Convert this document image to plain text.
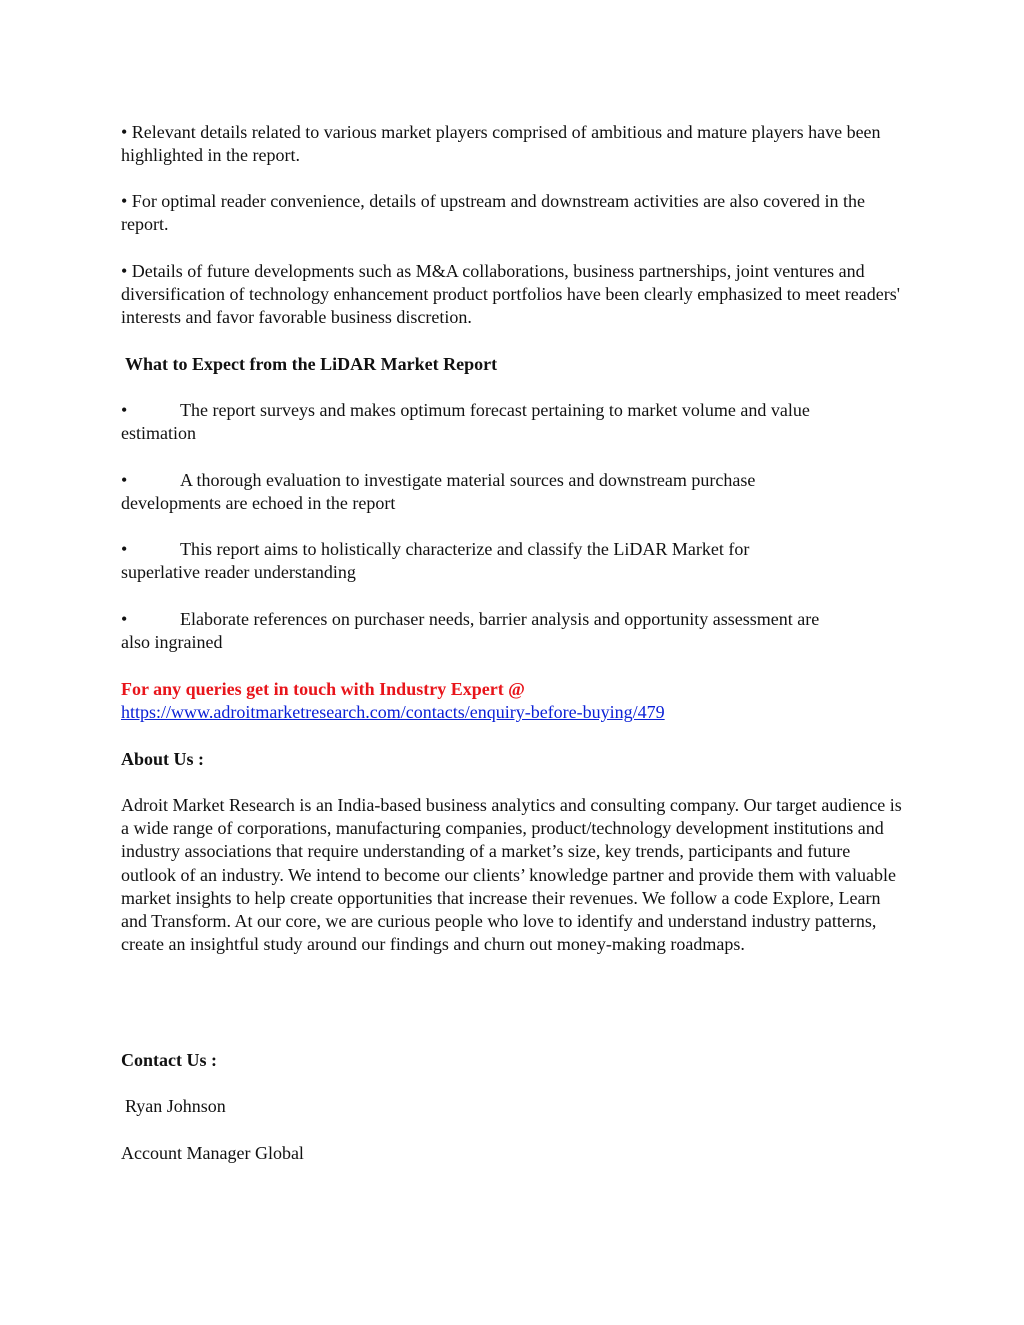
• Relevant details related to various market players comprised of ambitious and mature players have been highlighted in the report.

• For optimal reader convenience, details of upstream and downstream activities are also covered in the report.

• Details of future developments such as M&A collaborations, business partnerships, joint ventures and diversification of technology enhancement product portfolios have been clearly emphasized to meet readers' interests and favor favorable business discretion.

What to Expect from the LiDAR Market Report

•	The report surveys and makes optimum forecast pertaining to market volume and value
estimation
•	A thorough evaluation to investigate material sources and downstream purchase
developments are echoed in the report
•	This report aims to holistically characterize and classify the LiDAR Market for
superlative reader understanding
•	Elaborate references on purchaser needs, barrier analysis and opportunity assessment are
also ingrained
For any queries get in touch with Industry Expert @
https://www.adroitmarketresearch.com/contacts/enquiry-before-buying/479

About Us :

Adroit Market Research is an India-based business analytics and consulting company. Our target audience is a wide range of corporations, manufacturing companies, product/technology development institutions and industry associations that require understanding of a market’s size, key trends, participants and future outlook of an industry. We intend to become our clients’ knowledge partner and provide them with valuable market insights to help create opportunities that increase their revenues. We follow a code Explore, Learn and Transform. At our core, we are curious people who love to identify and understand industry patterns, create an insightful study around our findings and churn out money-making roadmaps.

Contact Us :

Ryan Johnson

Account Manager Global
